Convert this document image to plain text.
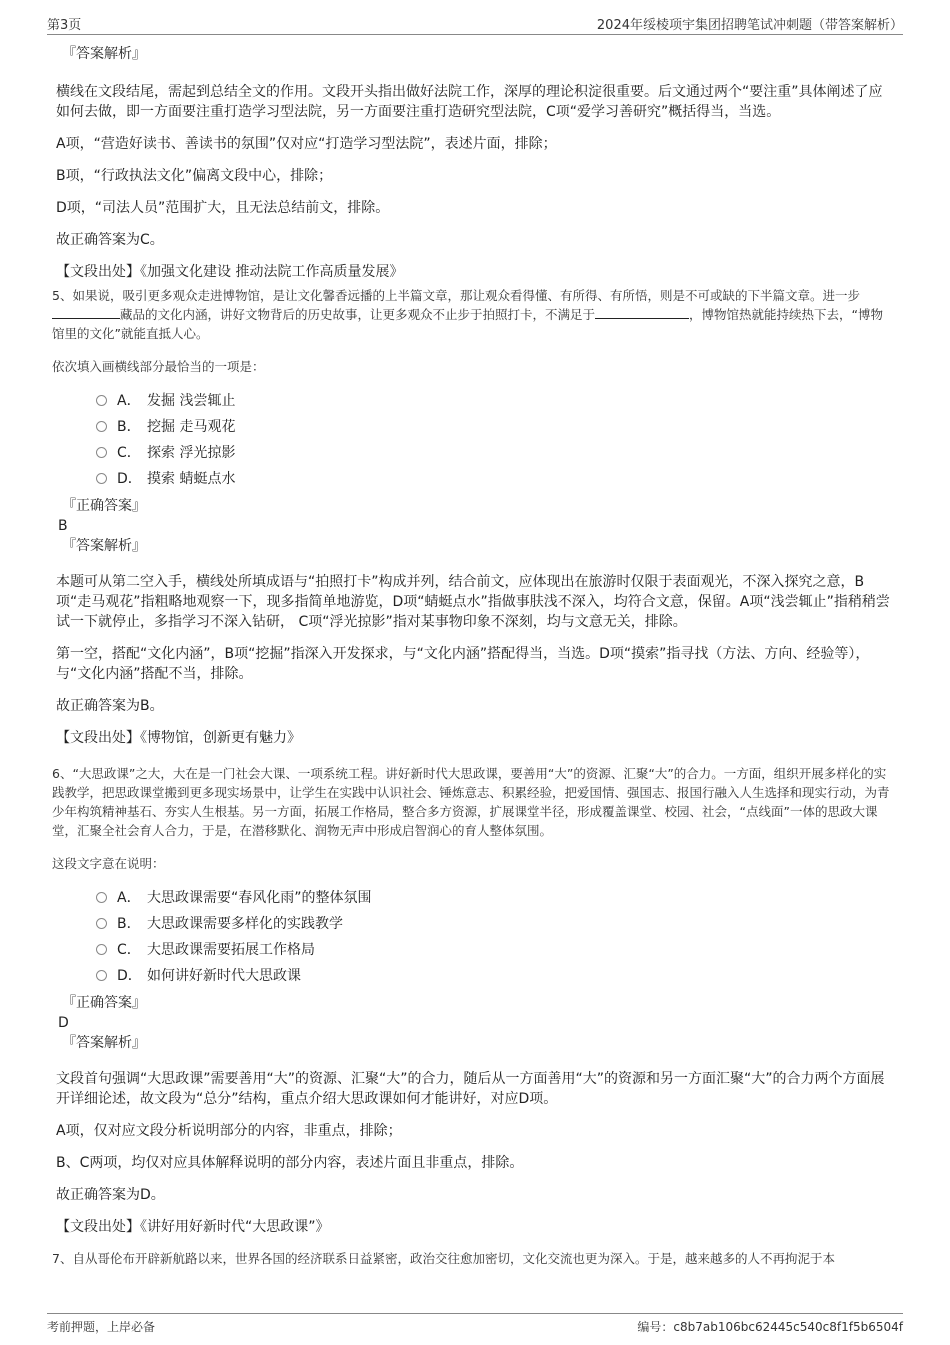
第3页	2024年绥棱项宇集团招聘笔试冲刺题（带答案解析）
『答案解析』

横线在文段结尾，需起到总结全文的作用。文段开头指出做好法院工作，深厚的理论积淀很重要。后文通过两个“要注重”具体阐述了应如何去做，即一方面要注重打造学习型法院，另一方面要注重打造研究型法院，C项“爱学习善研究”概括得当，当选。

A项，“营造好读书、善读书的氛围”仅对应“打造学习型法院”，表述片面，排除；

B项，“行政执法文化”偏离文段中心，排除；

D项，“司法人员”范围扩大，且无法总结前文，排除。

故正确答案为C。

【文段出处】《加强文化建设 推动法院工作高质量发展》

5、如果说，吸引更多观众走进博物馆，是让文化馨香远播的上半篇文章，那让观众看得懂、有所得、有所悟，则是不可或缺的下半篇文章。进一步藏品的文化内涵，讲好文物背后的历史故事，让更多观众不止步于拍照打卡，不满足于	，博物馆热就能持续热下去，“博物馆里的文化”就能直抵人心。

依次填入画横线部分最恰当的一项是：

A． 发掘 浅尝辄止
B． 挖掘 走马观花
C． 探索 浮光掠影
D． 摸索 蜻蜓点水
『正确答案』
B
『答案解析』

本题可从第二空入手，横线处所填成语与“拍照打卡”构成并列，结合前文，应体现出在旅游时仅限于表面观光，不深入探究之意，B项“走马观花”指粗略地观察一下，现多指简单地游览，D项“蜻蜓点水”指做事肤浅不深入，均符合文意，保留。A项“浅尝辄止”指稍稍尝试一下就停止，多指学习不深入钻研， C项“浮光掠影”指对某事物印象不深刻，均与文意无关，排除。

第一空，搭配“文化内涵”，B项“挖掘”指深入开发探求，与“文化内涵”搭配得当，当选。D项“摸索”指寻找（方法、方向、经验等），与“文化内涵”搭配不当，排除。

故正确答案为B。

【文段出处】《博物馆，创新更有魅力》

6、“大思政课”之大，大在是一门社会大课、一项系统工程。讲好新时代大思政课，要善用“大”的资源、汇聚“大”的合力。一方面，组织开展多样化的实践教学，把思政课堂搬到更多现实场景中，让学生在实践中认识社会、锤炼意志、积累经验，把爱国情、强国志、报国行融入人生选择和现实行动，为青少年构筑精神基石、夯实人生根基。另一方面，拓展工作格局，整合多方资源，扩展课堂半径，形成覆盖课堂、校园、社会，“点线面”一体的思政大课堂，汇聚全社会育人合力，于是，在潜移默化、润物无声中形成启智润心的育人整体氛围。

这段文字意在说明：

A． 大思政课需要“春风化雨”的整体氛围
B． 大思政课需要多样化的实践教学
C． 大思政课需要拓展工作格局
D． 如何讲好新时代大思政课
『正确答案』
D
『答案解析』

文段首句强调“大思政课”需要善用“大”的资源、汇聚“大”的合力，随后从一方面善用“大”的资源和另一方面汇聚“大”的合力两个方面展开详细论述，故文段为“总分”结构，重点介绍大思政课如何才能讲好，对应D项。

A项，仅对应文段分析说明部分的内容，非重点，排除；

B、C两项，均仅对应具体解释说明的部分内容，表述片面且非重点，排除。

故正确答案为D。

【文段出处】《讲好用好新时代“大思政课”》

7、自从哥伦布开辟新航路以来，世界各国的经济联系日益紧密，政治交往愈加密切，文化交流也更为深入。于是，越来越多的人不再拘泥于本

考前押题，上岸必备	编号：c8b7ab106bc62445c540c8f1f5b6504f
